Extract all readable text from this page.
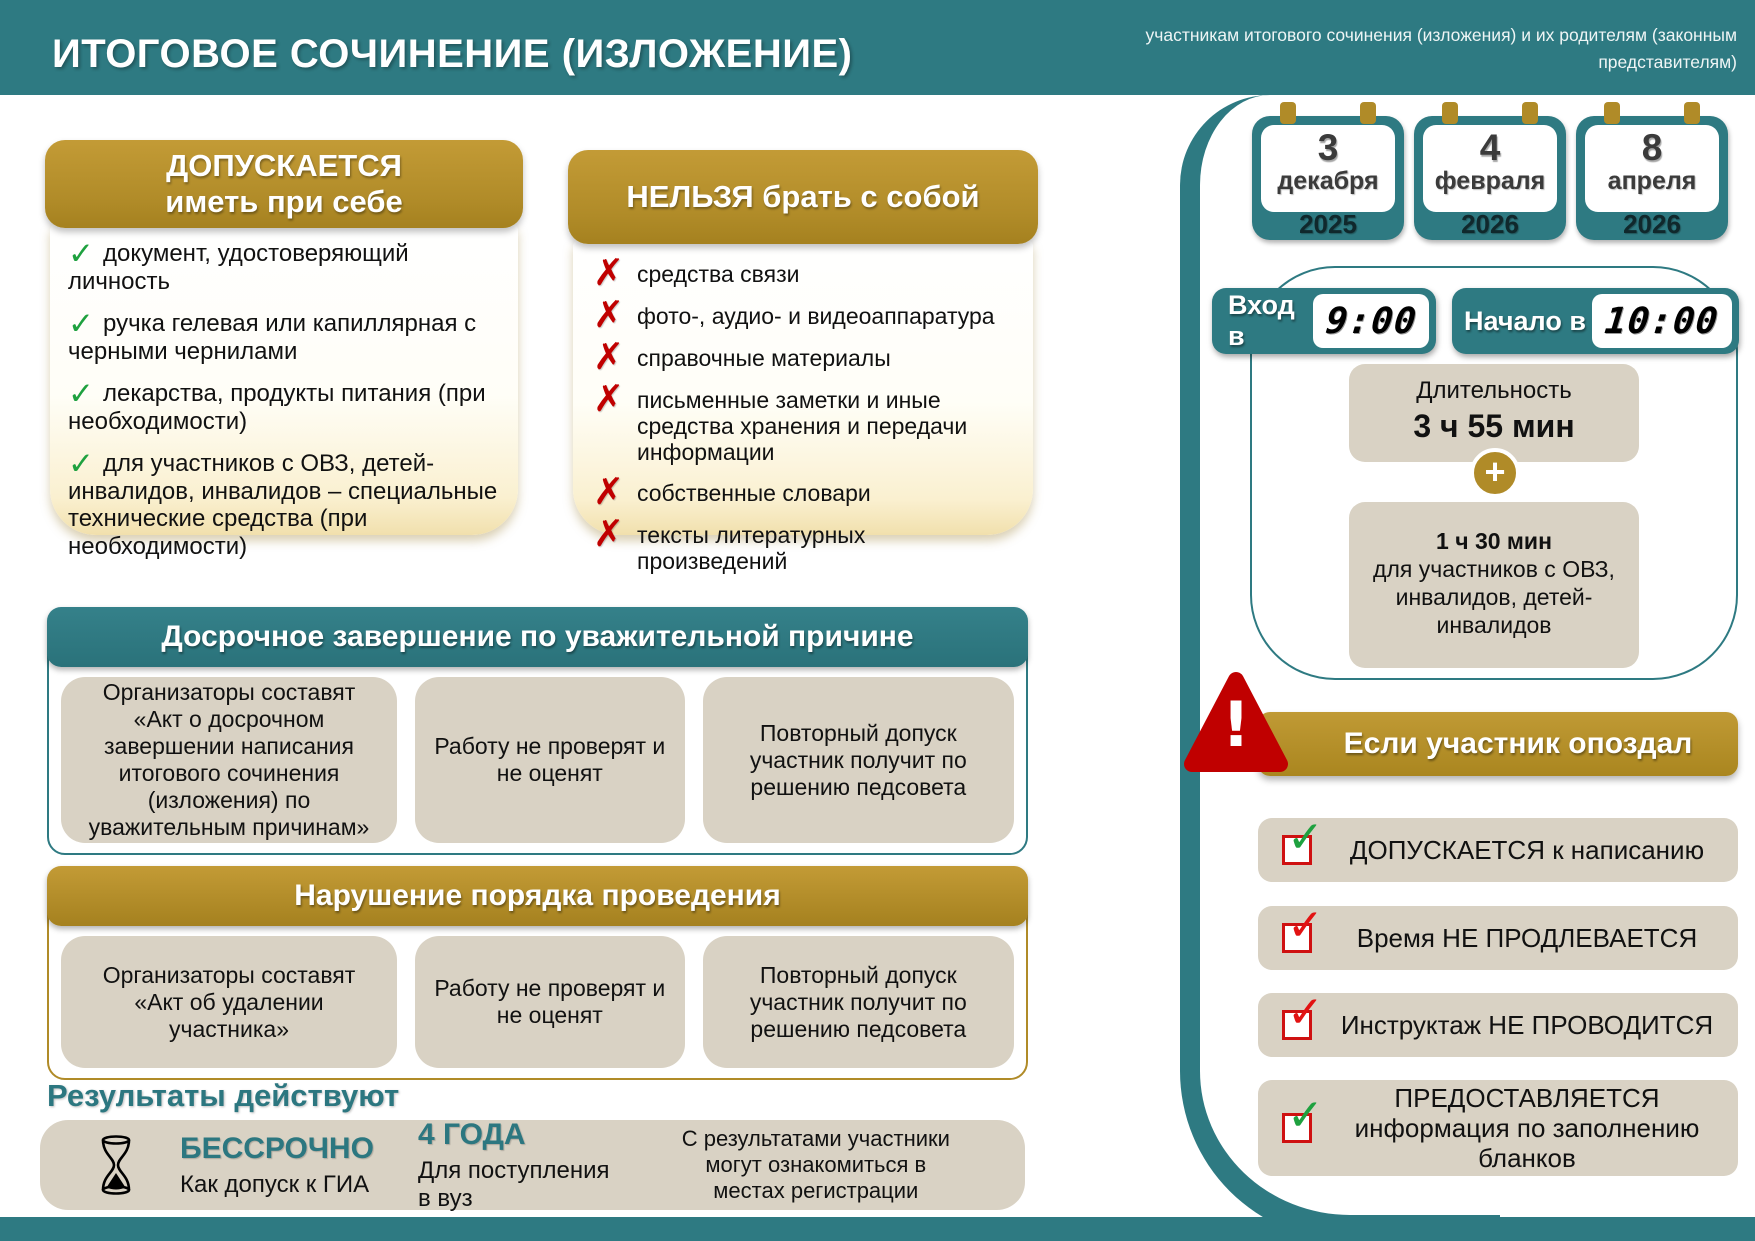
ИТОГОВОЕ СОЧИНЕНИЕ (ИЗЛОЖЕНИЕ)	участникам итогового сочинения (изложения) и их родителям (законным представителям)
✓ документ, удостоверяющий личность
✓ ручка гелевая или капиллярная с черными чернилами
✓ лекарства, продукты питания (при необходимости)
✓ для участников с ОВЗ, детей-инвалидов, инвалидов – специальные технические средства (при необходимости)
ДОПУСКАЕТСЯ
иметь при себе
✗ средства связи
✗ фото-, аудио- и видеоаппаратура
✗ справочные материалы
✗ письменные заметки и иные средства хранения и передачи информации
✗ собственные словари
✗ тексты литературных произведений
НЕЛЬЗЯ брать с собой
Досрочное завершение по уважительной причине
Организаторы составят «Акт о досрочном завершении написания итогового сочинения (изложения) по уважительным причинам»
Работу не проверят и не оценят
Повторный допуск участник получит по решению педсовета
Нарушение порядка проведения
Организаторы составят «Акт об удалении участника»
Работу не проверят и не оценят
Повторный допуск участник получит по решению педсовета
Результаты действуют
БЕССРОЧНО
Как допуск к ГИА
4 ГОДА
Для поступления в вуз
С результатами участники могут ознакомиться в местах регистрации
3
декабря
2025
4
февраля
2026
8
апреля
2026
Вход в	9:00 Начало в 10:00
Длительность
3 ч 55 мин
+
1 ч 30 мин
для участников с ОВЗ, инвалидов, детей-инвалидов
!	Если участник опоздал
✓	ДОПУСКАЕТСЯ к написанию
✓	Время НЕ ПРОДЛЕВАЕТСЯ
✓ Инструктаж НЕ ПРОВОДИТСЯ
✓	ПРЕДОСТАВЛЯЕТСЯ
информация по заполнению бланков
